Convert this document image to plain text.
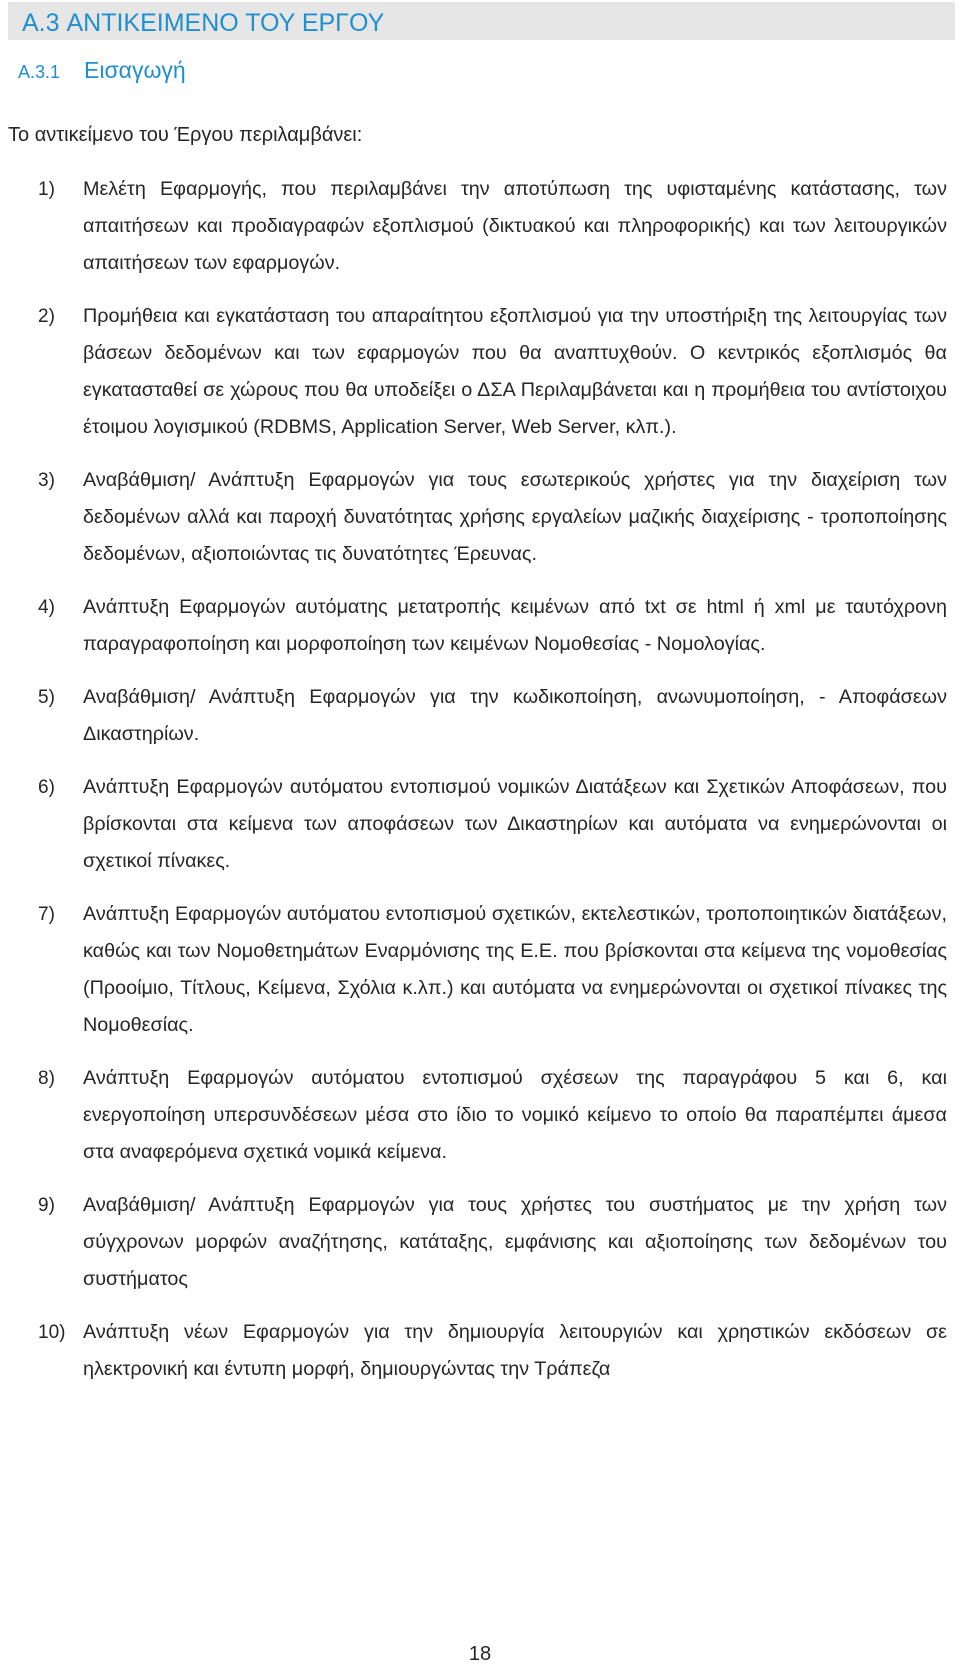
A.3 ΑΝΤΙΚΕΙΜΕΝΟ ΤΟΥ ΕΡΓΟΥ
A.3.1 Εισαγωγή
Το αντικείμενο του Έργου περιλαμβάνει:
1) Μελέτη Εφαρμογής, που περιλαμβάνει την αποτύπωση της υφισταμένης κατάστασης, των απαιτήσεων και προδιαγραφών εξοπλισμού (δικτυακού και πληροφορικής) και των λειτουργικών απαιτήσεων των εφαρμογών.
2) Προμήθεια και εγκατάσταση του απαραίτητου εξοπλισμού για την υποστήριξη της λειτουργίας των βάσεων δεδομένων και των εφαρμογών που θα αναπτυχθούν. Ο κεντρικός εξοπλισμός θα εγκατασταθεί σε χώρους που θα υποδείξει ο ΔΣΑ Περιλαμβάνεται και η προμήθεια του αντίστοιχου έτοιμου λογισμικού (RDBMS, Application Server, Web Server, κλπ.).
3) Αναβάθμιση/ Ανάπτυξη Εφαρμογών για τους εσωτερικούς χρήστες για την διαχείριση των δεδομένων αλλά και παροχή δυνατότητας χρήσης εργαλείων μαζικής διαχείρισης - τροποποίησης δεδομένων, αξιοποιώντας τις δυνατότητες Έρευνας.
4) Ανάπτυξη Εφαρμογών αυτόματης μετατροπής κειμένων από txt σε html ή xml με ταυτόχρονη παραγραφοποίηση και μορφοποίηση των κειμένων Νομοθεσίας - Νομολογίας.
5) Αναβάθμιση/ Ανάπτυξη Εφαρμογών για την κωδικοποίηση, ανωνυμοποίηση, - Αποφάσεων Δικαστηρίων.
6) Ανάπτυξη Εφαρμογών αυτόματου εντοπισμού νομικών Διατάξεων και Σχετικών Αποφάσεων, που βρίσκονται στα κείμενα των αποφάσεων των Δικαστηρίων και αυτόματα να ενημερώνονται οι σχετικοί πίνακες.
7) Ανάπτυξη Εφαρμογών αυτόματου εντοπισμού σχετικών, εκτελεστικών, τροποποιητικών διατάξεων, καθώς και των Νομοθετημάτων Εναρμόνισης της Ε.Ε. που βρίσκονται στα κείμενα της νομοθεσίας (Προοίμιο, Τίτλους, Κείμενα, Σχόλια κ.λπ.) και αυτόματα να ενημερώνονται οι σχετικοί πίνακες της Νομοθεσίας.
8) Ανάπτυξη Εφαρμογών αυτόματου εντοπισμού σχέσεων της παραγράφου 5 και 6, και ενεργοποίηση υπερσυνδέσεων μέσα στο ίδιο το νομικό κείμενο το οποίο θα παραπέμπει άμεσα στα αναφερόμενα σχετικά νομικά κείμενα.
9) Αναβάθμιση/ Ανάπτυξη Εφαρμογών για τους χρήστες του συστήματος με την χρήση των σύγχρονων μορφών αναζήτησης, κατάταξης, εμφάνισης και αξιοποίησης των δεδομένων του συστήματος
10) Ανάπτυξη νέων Εφαρμογών για την δημιουργία λειτουργιών και χρηστικών εκδόσεων σε ηλεκτρονική και έντυπη μορφή, δημιουργώντας την Τράπεζα
18
